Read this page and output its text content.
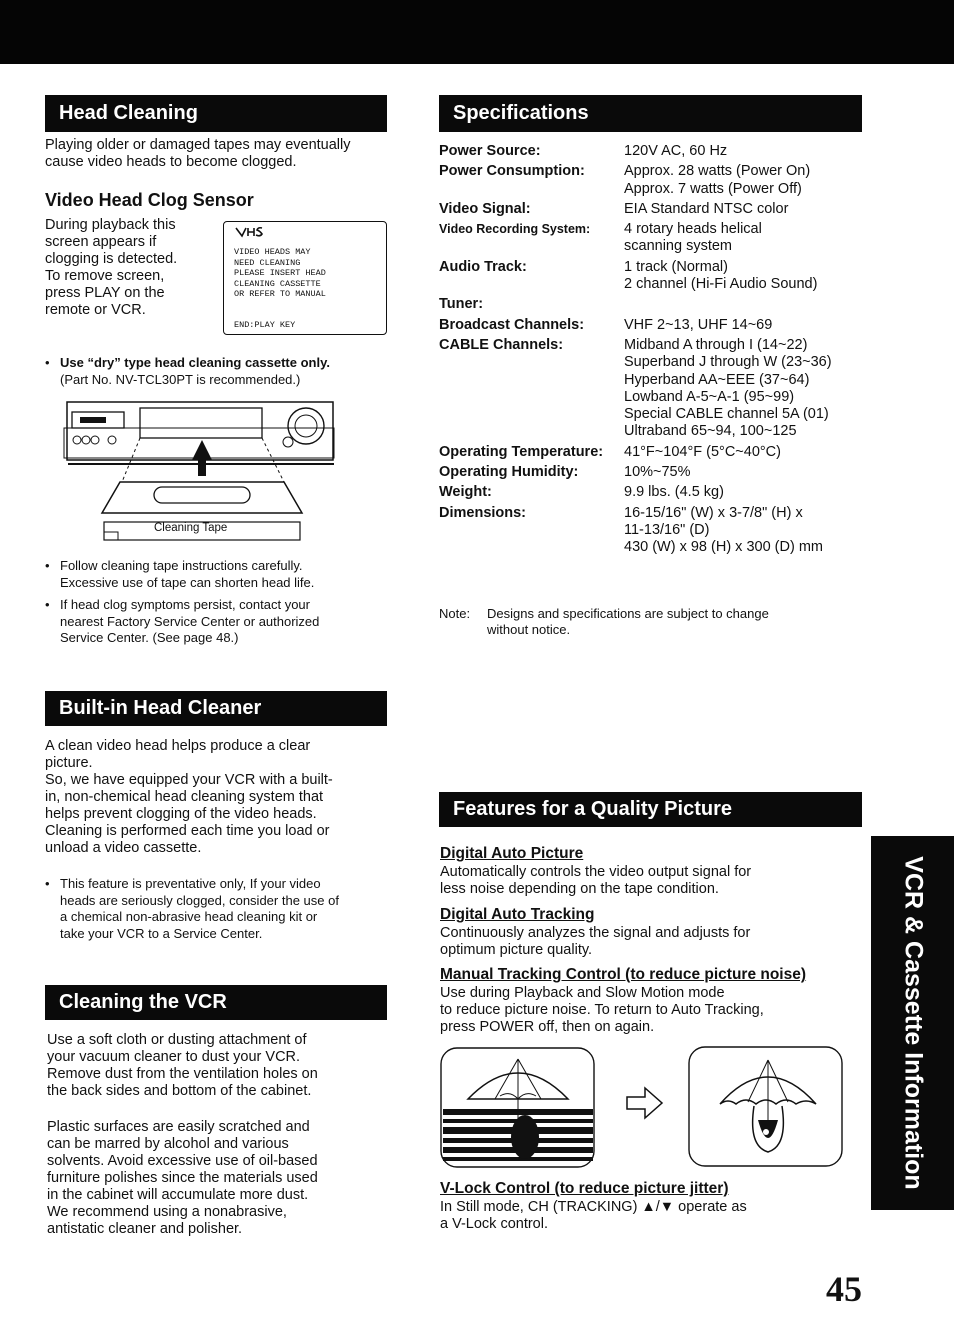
Head Cleaning
Playing older or damaged tapes may eventually
cause video heads to become clogged.
Video Head Clog Sensor
During playback this
screen appears if
clogging is detected.
To remove screen,
press PLAY on the
remote or VCR.
VIDEO HEADS MAY
NEED CLEANING
PLEASE INSERT HEAD
CLEANING CASSETTE
OR REFER TO MANUAL
END:PLAY KEY
• Use “dry” type head cleaning cassette only.
(Part No. NV-TCL30PT is recommended.)
Cleaning Tape
• Follow cleaning tape instructions carefully.
Excessive use of tape can shorten head life.
• If head clog symptoms persist, contact your
nearest Factory Service Center or authorized
Service Center. (See page 48.)
Built-in Head Cleaner
A clean video head helps produce a clear
picture.
So, we have equipped your VCR with a built-
in, non-chemical head cleaning system that
helps prevent clogging of the video heads.
Cleaning is performed each time you load or
unload a video cassette.
• This feature is preventative only, If your video
heads are seriously clogged, consider the use of
a chemical non-abrasive head cleaning kit or
take your VCR to a Service Center.
Cleaning the VCR
Use a soft cloth or dusting attachment of
your vacuum cleaner to dust your VCR.
Remove dust from the ventilation holes on
the back sides and bottom of the cabinet.
Plastic surfaces are easily scratched and
can be marred by alcohol and various
solvents. Avoid excessive use of oil-based
furniture polishes since the materials used
in the cabinet will accumulate more dust.
We recommend using a nonabrasive,
antistatic cleaner and polisher.
Specifications
Power Source:	120V AC, 60 Hz
Power Consumption:	Approx. 28 watts (Power On)
Approx. 7 watts (Power Off)
Video Signal:	EIA Standard NTSC color
Video Recording System:	4 rotary heads helical
scanning system
Audio Track:	1 track (Normal)
2 channel (Hi-Fi Audio Sound)
Tuner:
Broadcast Channels:	VHF 2~13, UHF 14~69
CABLE Channels:	Midband A through I (14~22)
Superband J through W (23~36)
Hyperband AA~EEE (37~64)
Lowband A-5~A-1 (95~99)
Special CABLE channel 5A (01)
Ultraband 65~94, 100~125
Operating Temperature:	41°F~104°F (5°C~40°C)
Operating Humidity:	10%~75%
Weight:	9.9 lbs. (4.5 kg)
Dimensions:	16-15/16" (W) x 3-7/8" (H) x
11-13/16" (D)
430 (W) x 98 (H) x 300 (D) mm
Note: Designs and specifications are subject to change
without notice.
Features for a Quality Picture
Digital Auto Picture
Automatically controls the video output signal for
less noise depending on the tape condition.
Digital Auto Tracking
Continuously analyzes the signal and adjusts for
optimum picture quality.
Manual Tracking Control (to reduce picture noise)
Use during Playback and Slow Motion mode
to reduce picture noise. To return to Auto Tracking,
press POWER off, then on again.
V-Lock Control (to reduce picture jitter)
In Still mode, CH (TRACKING) ▲/▼ operate as
a V-Lock control.
VCR & Cassette Information
45
